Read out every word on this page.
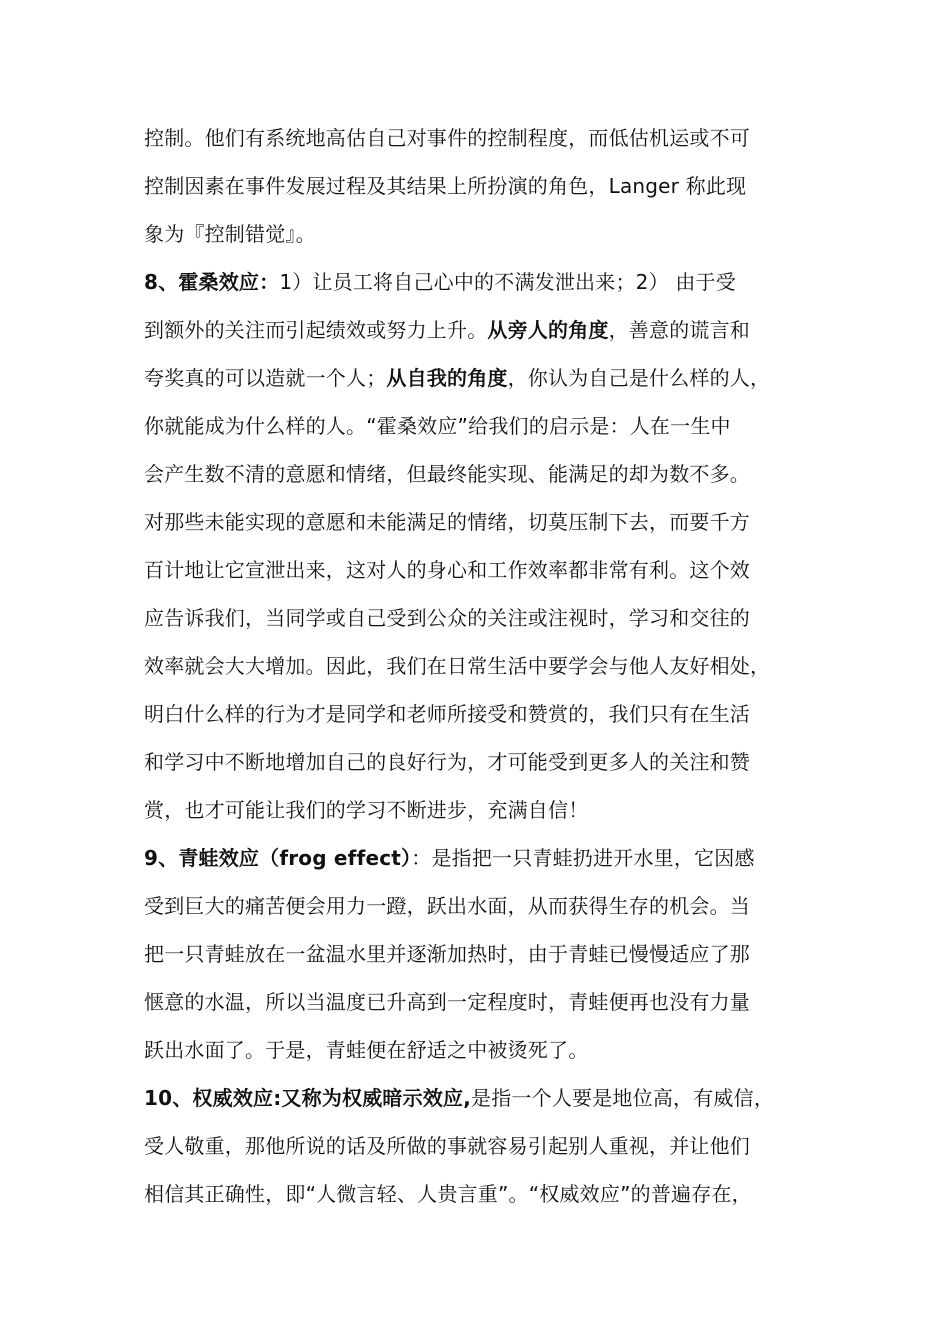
控制。他们有系统地高估自己对事件的控制程度，而低估机运或不可

控制因素在事件发展过程及其结果上所扮演的角色，Langer 称此现

象为『控制错觉』。

8、霍桑效应：1）让员工将自己心中的不满发泄出来；2） 由于受

到额外的关注而引起绩效或努力上升。从旁人的角度，善意的谎言和

夸奖真的可以造就一个人；从自我的角度，你认为自己是什么样的人，

你就能成为什么样的人。“霍桑效应”给我们的启示是：人在一生中

会产生数不清的意愿和情绪，但最终能实现、能满足的却为数不多。

对那些未能实现的意愿和未能满足的情绪，切莫压制下去，而要千方

百计地让它宣泄出来，这对人的身心和工作效率都非常有利。这个效

应告诉我们，当同学或自己受到公众的关注或注视时，学习和交往的

效率就会大大增加。因此，我们在日常生活中要学会与他人友好相处，

明白什么样的行为才是同学和老师所接受和赞赏的，我们只有在生活

和学习中不断地增加自己的良好行为，才可能受到更多人的关注和赞

赏，也才可能让我们的学习不断进步，充满自信！

9、青蛙效应（frog effect）：是指把一只青蛙扔进开水里，它因感

受到巨大的痛苦便会用力一蹬，跃出水面，从而获得生存的机会。当

把一只青蛙放在一盆温水里并逐渐加热时，由于青蛙已慢慢适应了那

惬意的水温，所以当温度已升高到一定程度时，青蛙便再也没有力量

跃出水面了。于是，青蛙便在舒适之中被烫死了。

10、权威效应:又称为权威暗示效应,是指一个人要是地位高，有威信，

受人敬重，那他所说的话及所做的事就容易引起别人重视，并让他们

相信其正确性，即“人微言轻、人贵言重”。“权威效应”的普遍存在，
